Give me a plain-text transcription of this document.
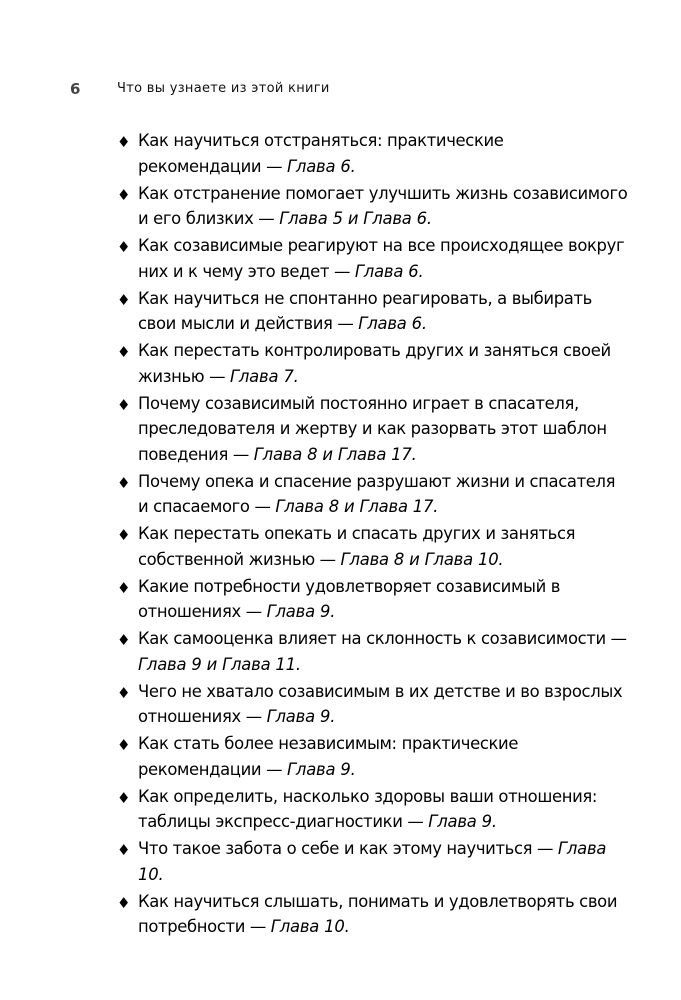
6	Что вы узнаете из этой книги
♦ Как научиться отстраняться: практические рекомендации — Глава 6.
♦ Как отстранение помогает улучшить жизнь созависимого и его близких — Глава 5 и Глава 6.
♦ Как созависимые реагируют на все происходящее вокруг них и к чему это ведет — Глава 6.
♦ Как научиться не спонтанно реагировать, а выбирать свои мысли и действия — Глава 6.
♦ Как перестать контролировать других и заняться своей жизнью — Глава 7.
♦ Почему созависимый постоянно играет в спасателя, преследователя и жертву и как разорвать этот шаблон поведения — Глава 8 и Глава 17.
♦ Почему опека и спасение разрушают жизни и спасателя и спасаемого — Глава 8 и Глава 17.
♦ Как перестать опекать и спасать других и заняться собственной жизнью — Глава 8 и Глава 10.
♦ Какие потребности удовлетворяет созависимый в отношениях — Глава 9.
♦ Как самооценка влияет на склонность к созависимости — Глава 9 и Глава 11.
♦ Чего не хватало созависимым в их детстве и во взрослых отношениях — Глава 9.
♦ Как стать более независимым: практические рекомендации — Глава 9.
♦ Как определить, насколько здоровы ваши отношения: таблицы экспресс-диагностики — Глава 9.
♦ Что такое забота о себе и как этому научиться — Глава 10.
♦ Как научиться слышать, понимать и удовлетворять свои потребности — Глава 10.
